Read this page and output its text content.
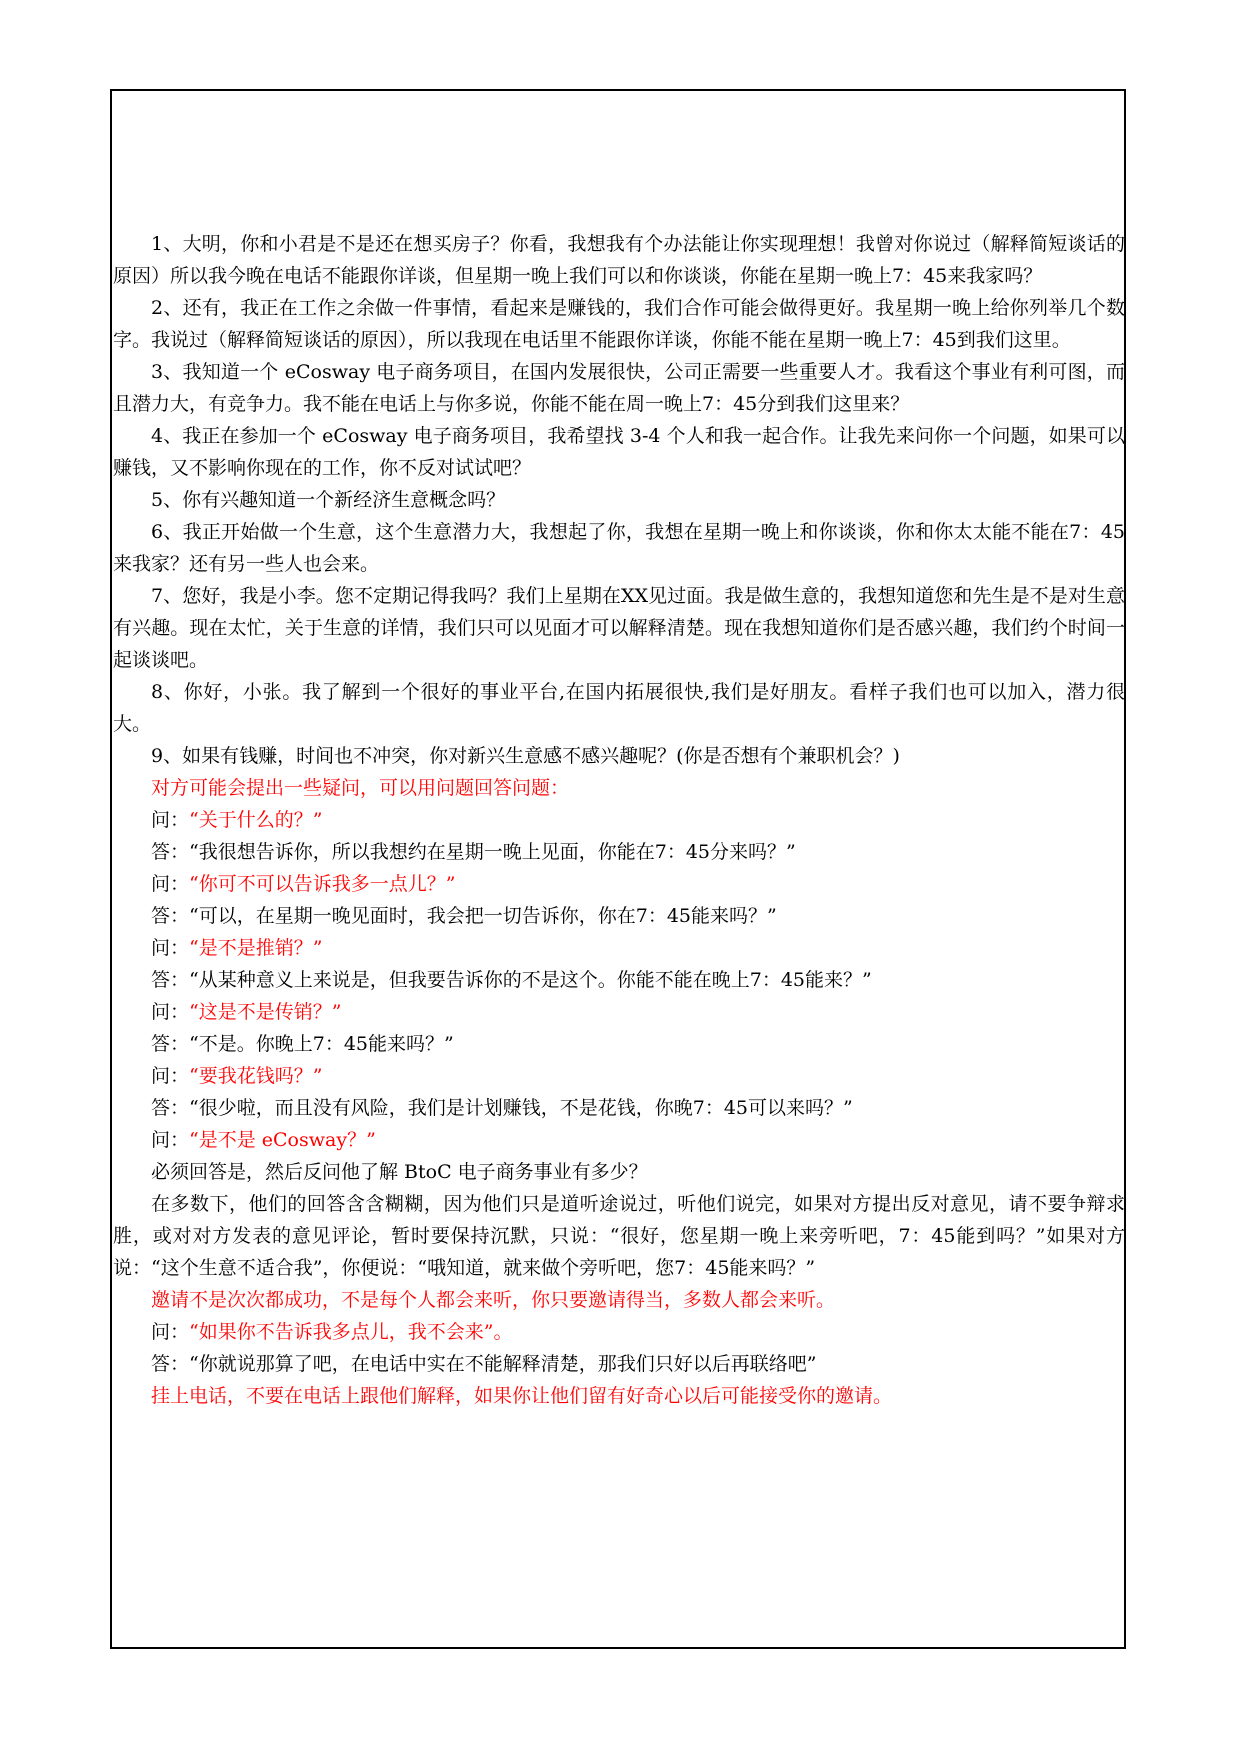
1、大明，你和小君是不是还在想买房子？你看，我想我有个办法能让你实现理想！我曾对你说过（解释简短谈话的原因）所以我今晚在电话不能跟你详谈，但星期一晚上我们可以和你谈谈，你能在星期一晚上7：45来我家吗？

2、还有，我正在工作之余做一件事情，看起来是赚钱的，我们合作可能会做得更好。我星期一晚上给你列举几个数字。我说过（解释简短谈话的原因），所以我现在电话里不能跟你详谈，你能不能在星期一晚上7：45到我们这里。

3、我知道一个 eCosway 电子商务项目，在国内发展很快，公司正需要一些重要人才。我看这个事业有利可图，而且潜力大，有竞争力。我不能在电话上与你多说，你能不能在周一晚上7：45分到我们这里来？

4、我正在参加一个 eCosway 电子商务项目，我希望找 3-4 个人和我一起合作。让我先来问你一个问题，如果可以赚钱，又不影响你现在的工作，你不反对试试吧？

5、你有兴趣知道一个新经济生意概念吗？

6、我正开始做一个生意，这个生意潜力大，我想起了你，我想在星期一晚上和你谈谈，你和你太太能不能在7：45来我家？还有另一些人也会来。

7、您好，我是小李。您不定期记得我吗？我们上星期在XX见过面。我是做生意的，我想知道您和先生是不是对生意有兴趣。现在太忙，关于生意的详情，我们只可以见面才可以解释清楚。现在我想知道你们是否感兴趣，我们约个时间一起谈谈吧。

8、你好，小张。我了解到一个很好的事业平台,在国内拓展很快,我们是好朋友。看样子我们也可以加入，潜力很大。

9、如果有钱赚，时间也不冲突，你对新兴生意感不感兴趣呢？(你是否想有个兼职机会？)

对方可能会提出一些疑问，可以用问题回答问题：

问：“关于什么的？”

答：“我很想告诉你，所以我想约在星期一晚上见面，你能在7：45分来吗？”

问：“你可不可以告诉我多一点儿？”

答：“可以，在星期一晚见面时，我会把一切告诉你，你在7：45能来吗？”

问：“是不是推销？”

答：“从某种意义上来说是，但我要告诉你的不是这个。你能不能在晚上7：45能来？”

问：“这是不是传销？”

答：“不是。你晚上7：45能来吗？”

问：“要我花钱吗？”

答：“很少啦，而且没有风险，我们是计划赚钱，不是花钱，你晚7：45可以来吗？”

问：“是不是 eCosway？”

必须回答是，然后反问他了解 BtoC 电子商务事业有多少？

在多数下，他们的回答含含糊糊，因为他们只是道听途说过，听他们说完，如果对方提出反对意见，请不要争辩求胜，或对对方发表的意见评论，暂时要保持沉默，只说：“很好，您星期一晚上来旁听吧，7：45能到吗？”如果对方说：“这个生意不适合我”，你便说：“哦知道，就来做个旁听吧，您7：45能来吗？”

邀请不是次次都成功，不是每个人都会来听，你只要邀请得当，多数人都会来听。

问：“如果你不告诉我多点儿，我不会来”。

答：“你就说那算了吧，在电话中实在不能解释清楚，那我们只好以后再联络吧”

挂上电话，不要在电话上跟他们解释，如果你让他们留有好奇心以后可能接受你的邀请。
